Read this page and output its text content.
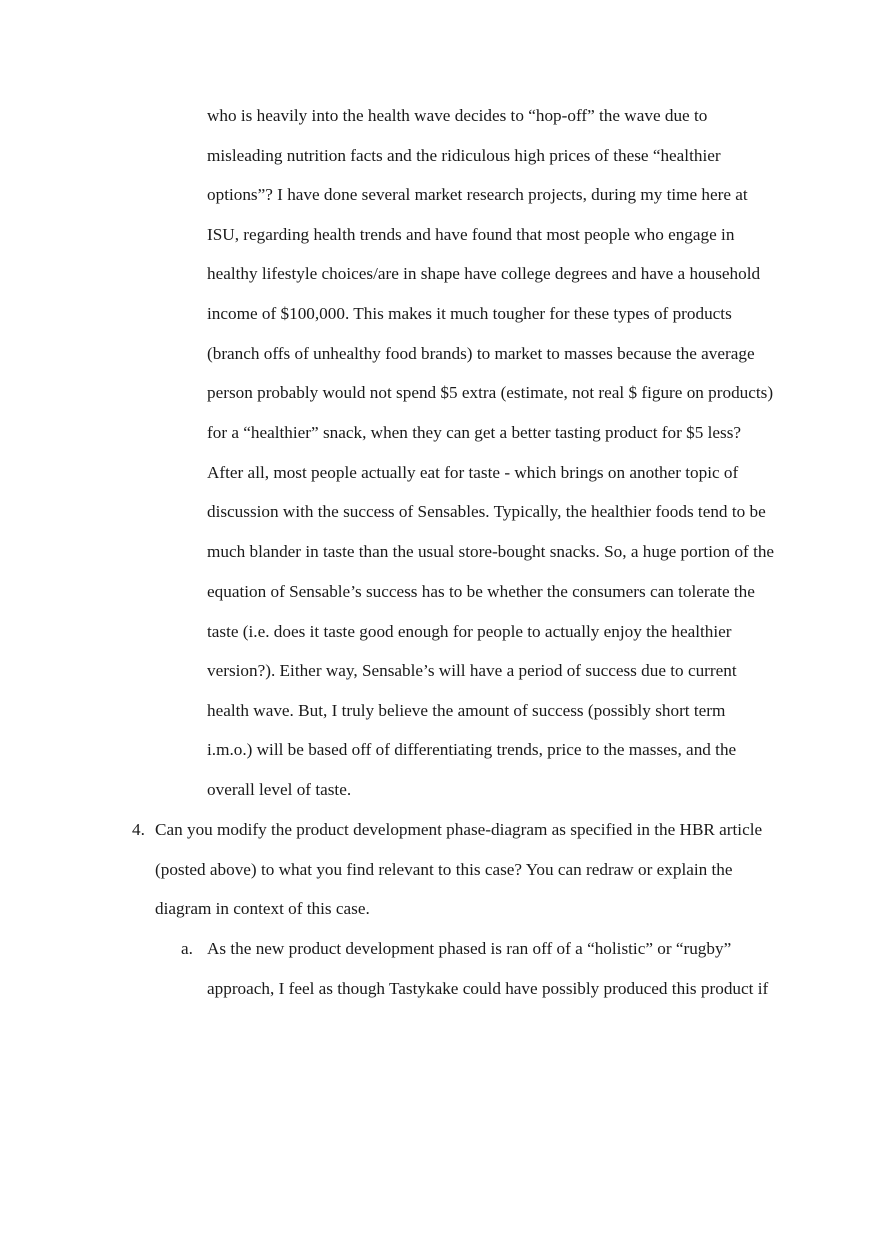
who is heavily into the health wave decides to “hop-off” the wave due to
misleading nutrition facts and the ridiculous high prices of these “healthier
options”? I have done several market research projects, during my time here at
ISU, regarding health trends and have found that most people who engage in
healthy lifestyle choices/are in shape have college degrees and have a household
income of $100,000. This makes it much tougher for these types of products
(branch offs of unhealthy food brands) to market to masses because the average
person probably would not spend $5 extra (estimate, not real $ figure on products)
for a “healthier” snack, when they can get a better tasting product for $5 less?
After all, most people actually eat for taste - which brings on another topic of
discussion with the success of Sensables. Typically, the healthier foods tend to be
much blander in taste than the usual store-bought snacks. So, a huge portion of the
equation of Sensable’s success has to be whether the consumers can tolerate the
taste (i.e. does it taste good enough for people to actually enjoy the healthier
version?). Either way, Sensable’s will have a period of success due to current
health wave. But, I truly believe the amount of success (possibly short term
i.m.o.) will be based off of differentiating trends, price to the masses, and the
overall level of taste.
4. Can you modify the product development phase-diagram as specified in the HBR article
(posted above) to what you find relevant to this case? You can redraw or explain the
diagram in context of this case.
a. As the new product development phased is ran off of a “holistic” or “rugby”
approach, I feel as though Tastykake could have possibly produced this product if
